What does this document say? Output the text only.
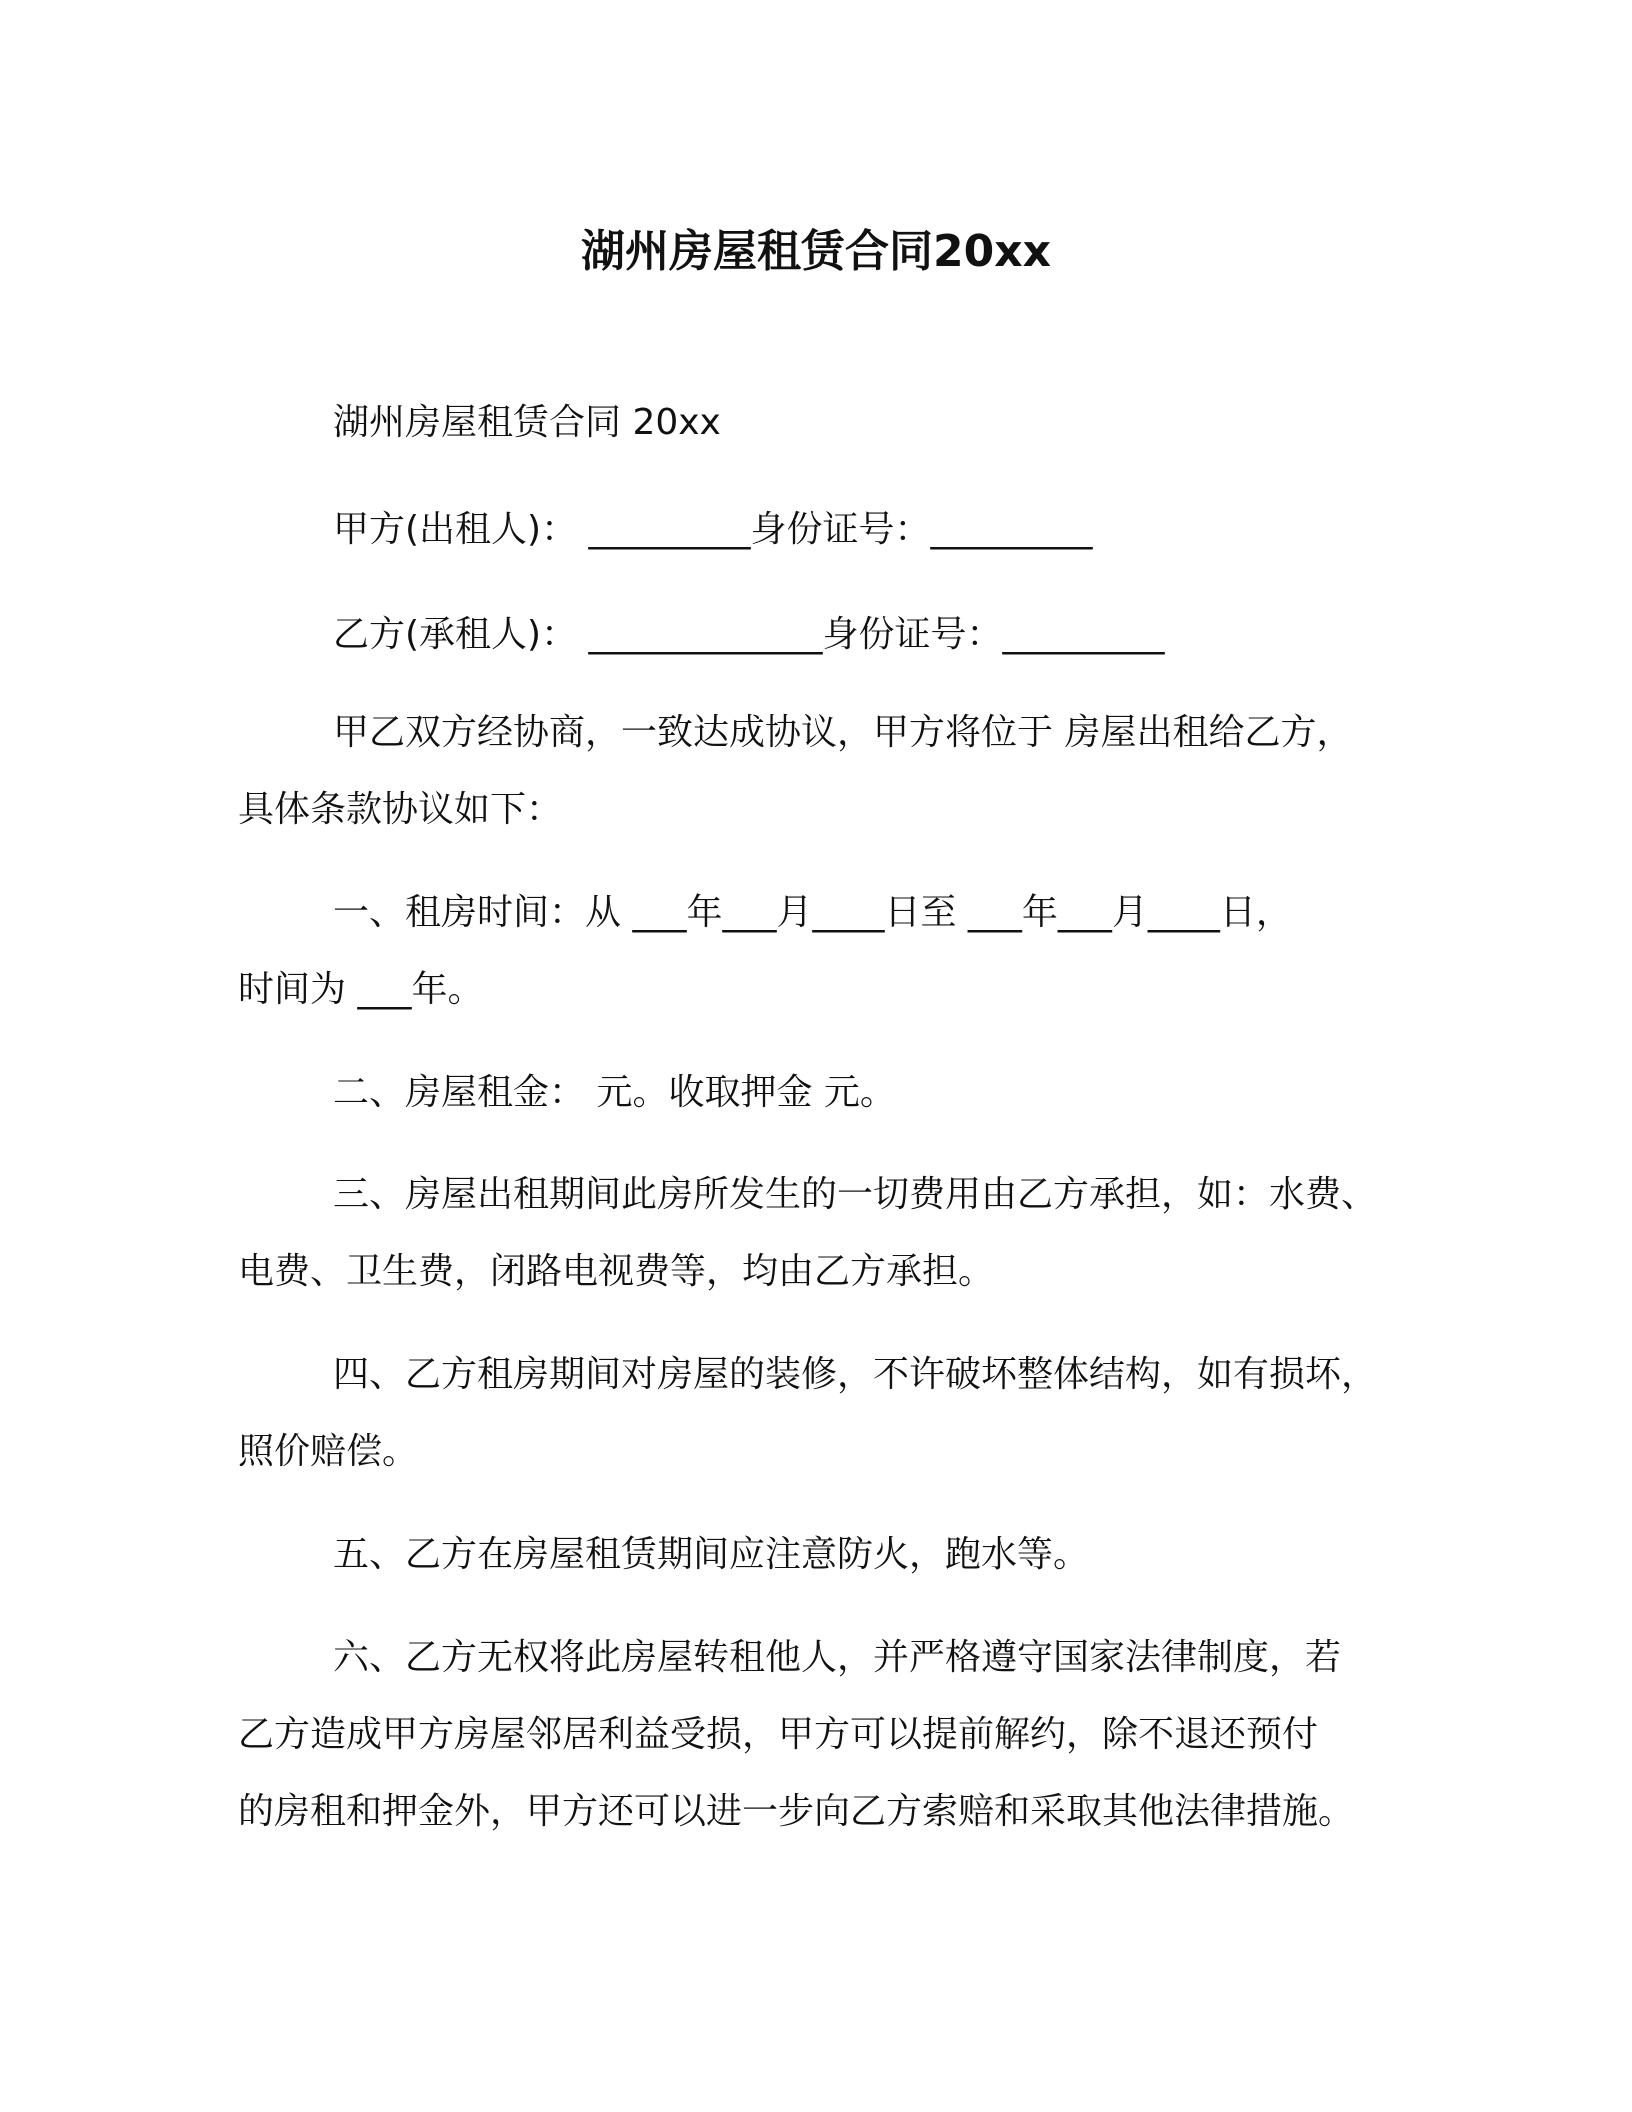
湖州房屋租赁合同20xx
湖州房屋租赁合同 20xx
甲方(出租人)： _________身份证号：_________
乙方(承租人)： _____________身份证号：_________
甲乙双方经协商，一致达成协议，甲方将位于 房屋出租给乙方，
具体条款协议如下：
一、租房时间：从 ___年___月____日至 ___年___月____日，
时间为 ___年。
二、房屋租金： 元。收取押金 元。
三、房屋出租期间此房所发生的一切费用由乙方承担，如：水费、
电费、卫生费，闭路电视费等，均由乙方承担。
四、乙方租房期间对房屋的装修，不许破坏整体结构，如有损坏，
照价赔偿。
五、乙方在房屋租赁期间应注意防火，跑水等。
六、乙方无权将此房屋转租他人，并严格遵守国家法律制度，若
乙方造成甲方房屋邻居利益受损，甲方可以提前解约，除不退还预付
的房租和押金外，甲方还可以进一步向乙方索赔和采取其他法律措施。
